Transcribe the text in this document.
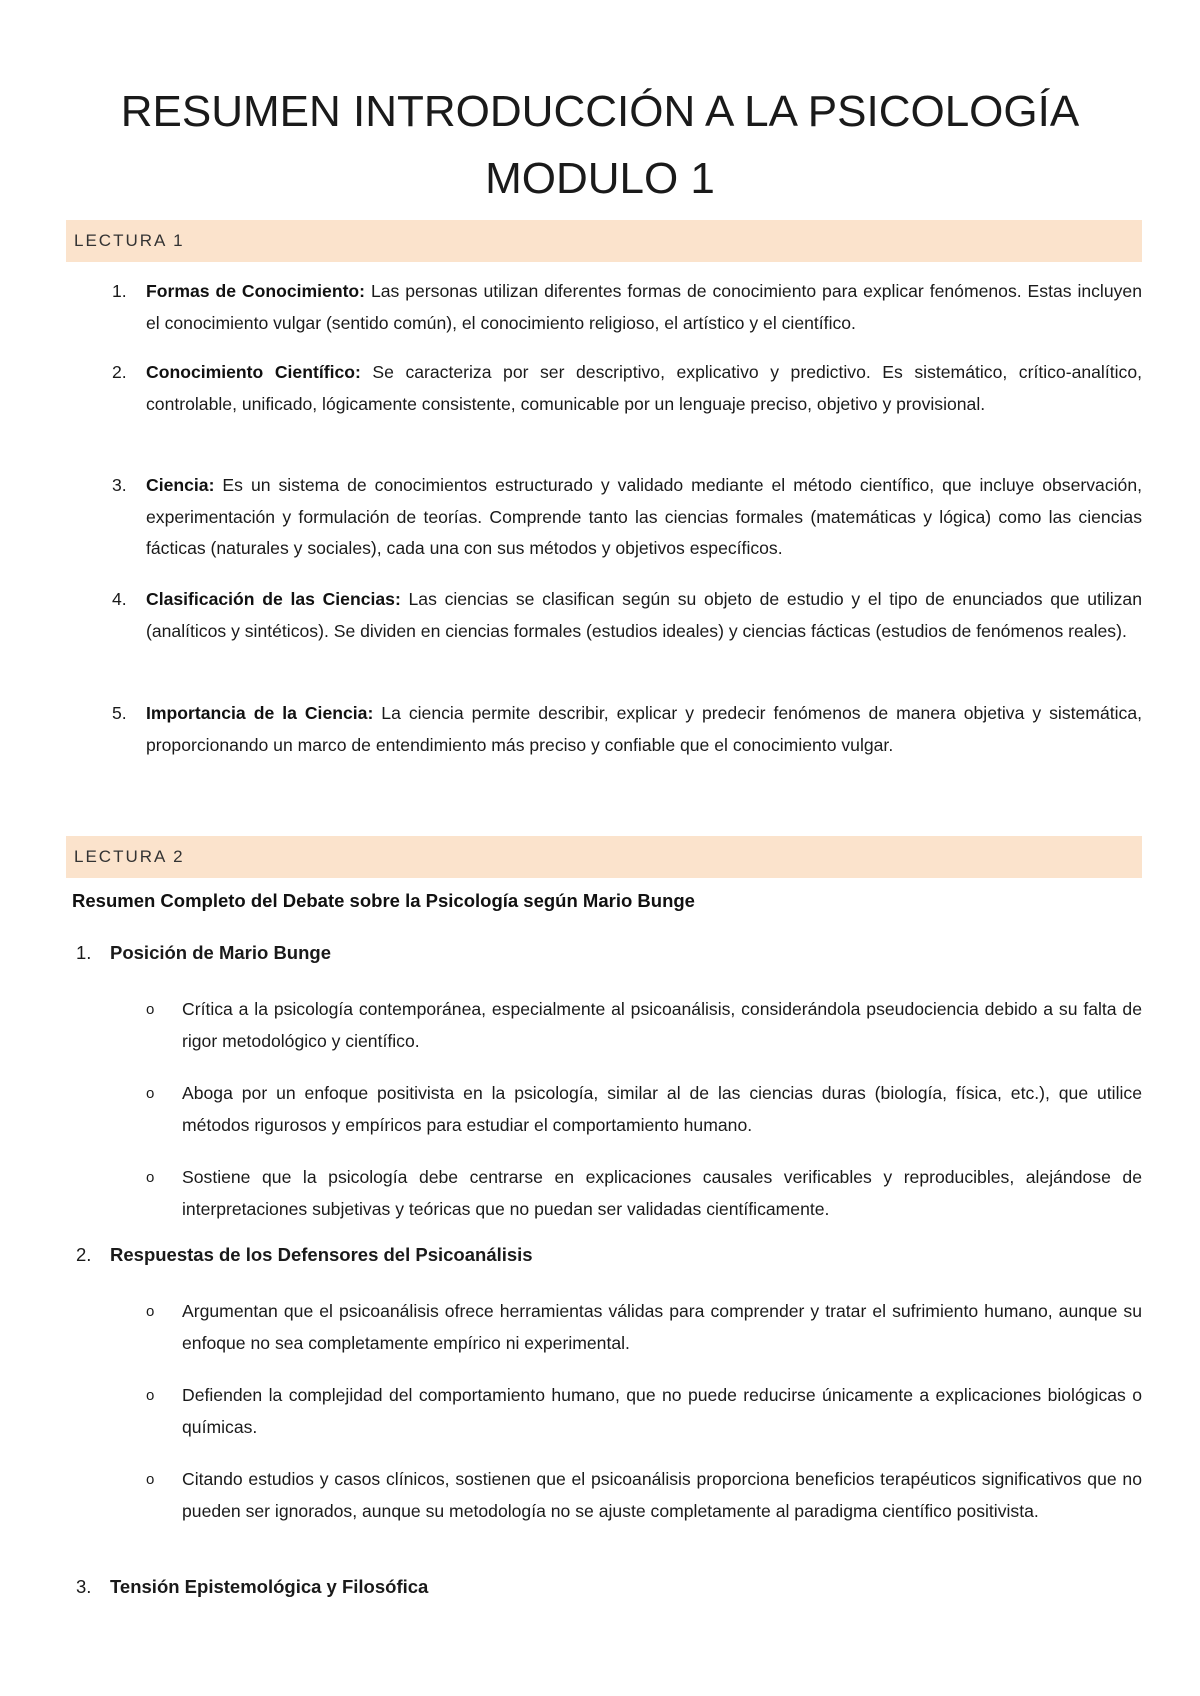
RESUMEN INTRODUCCIÓN A LA PSICOLOGÍA
MODULO 1
LECTURA 1
1.	Formas de Conocimiento: Las personas utilizan diferentes formas de conocimiento para explicar fenómenos. Estas incluyen el conocimiento vulgar (sentido común), el conocimiento religioso, el artístico y el científico.
2.	Conocimiento Científico: Se caracteriza por ser descriptivo, explicativo y predictivo. Es sistemático, crítico-analítico, controlable, unificado, lógicamente consistente, comunicable por un lenguaje preciso, objetivo y provisional.
3.	Ciencia: Es un sistema de conocimientos estructurado y validado mediante el método científico, que incluye observación, experimentación y formulación de teorías. Comprende tanto las ciencias formales (matemáticas y lógica) como las ciencias fácticas (naturales y sociales), cada una con sus métodos y objetivos específicos.
4.	Clasificación de las Ciencias: Las ciencias se clasifican según su objeto de estudio y el tipo de enunciados que utilizan (analíticos y sintéticos). Se dividen en ciencias formales (estudios ideales) y ciencias fácticas (estudios de fenómenos reales).
5.	Importancia de la Ciencia: La ciencia permite describir, explicar y predecir fenómenos de manera objetiva y sistemática, proporcionando un marco de entendimiento más preciso y confiable que el conocimiento vulgar.
LECTURA 2
Resumen Completo del Debate sobre la Psicología según Mario Bunge
1. Posición de Mario Bunge
o Crítica a la psicología contemporánea, especialmente al psicoanálisis, considerándola pseudociencia debido a su falta de rigor metodológico y científico.
o Aboga por un enfoque positivista en la psicología, similar al de las ciencias duras (biología, física, etc.), que utilice métodos rigurosos y empíricos para estudiar el comportamiento humano.
o Sostiene que la psicología debe centrarse en explicaciones causales verificables y reproducibles, alejándose de interpretaciones subjetivas y teóricas que no puedan ser validadas científicamente.
2. Respuestas de los Defensores del Psicoanálisis
o Argumentan que el psicoanálisis ofrece herramientas válidas para comprender y tratar el sufrimiento humano, aunque su enfoque no sea completamente empírico ni experimental.
o Defienden la complejidad del comportamiento humano, que no puede reducirse únicamente a explicaciones biológicas o químicas.
o Citando estudios y casos clínicos, sostienen que el psicoanálisis proporciona beneficios terapéuticos significativos que no pueden ser ignorados, aunque su metodología no se ajuste completamente al paradigma científico positivista.
3. Tensión Epistemológica y Filosófica
